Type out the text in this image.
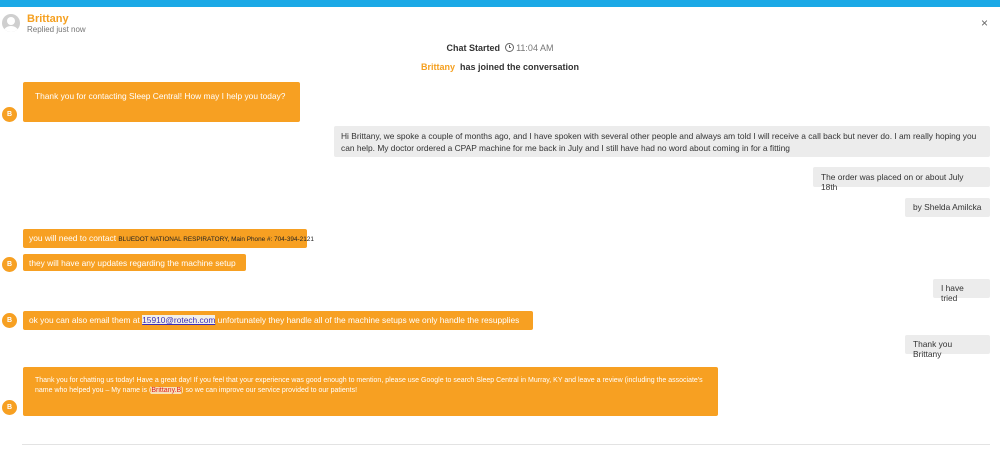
Brittany
Replied just now	×
Chat Started 11:04 AM
Brittany has joined the conversation
Thank you for contacting Sleep Central! How may I help you today?
B
Hi Brittany, we spoke a couple of months ago, and I have spoken with several other people and always am told I will receive a call back but never do. I am really hoping you can help. My doctor ordered a CPAP machine for me back in July and I still have had no word about coming in for a fitting
The order was placed on or about July 18th
by Shelda Amilcka
you will need to contact BLUEDOT NATIONAL RESPIRATORY, Main Phone #: 704-394-2121
they will have any updates regarding the machine setup
B
I have tried
ok you can also email them at 15910@rotech.com unfortunately they handle all of the machine setups we only handle the resupplies
B
Thank you Brittany
Thank you for chatting us today! Have a great day! If you feel that your experience was good enough to mention, please use Google to search Sleep Central in Murray, KY and leave a review (including the associate's name who helped you – My name is (Brittany.B) so we can improve our service provided to our patients!
B
